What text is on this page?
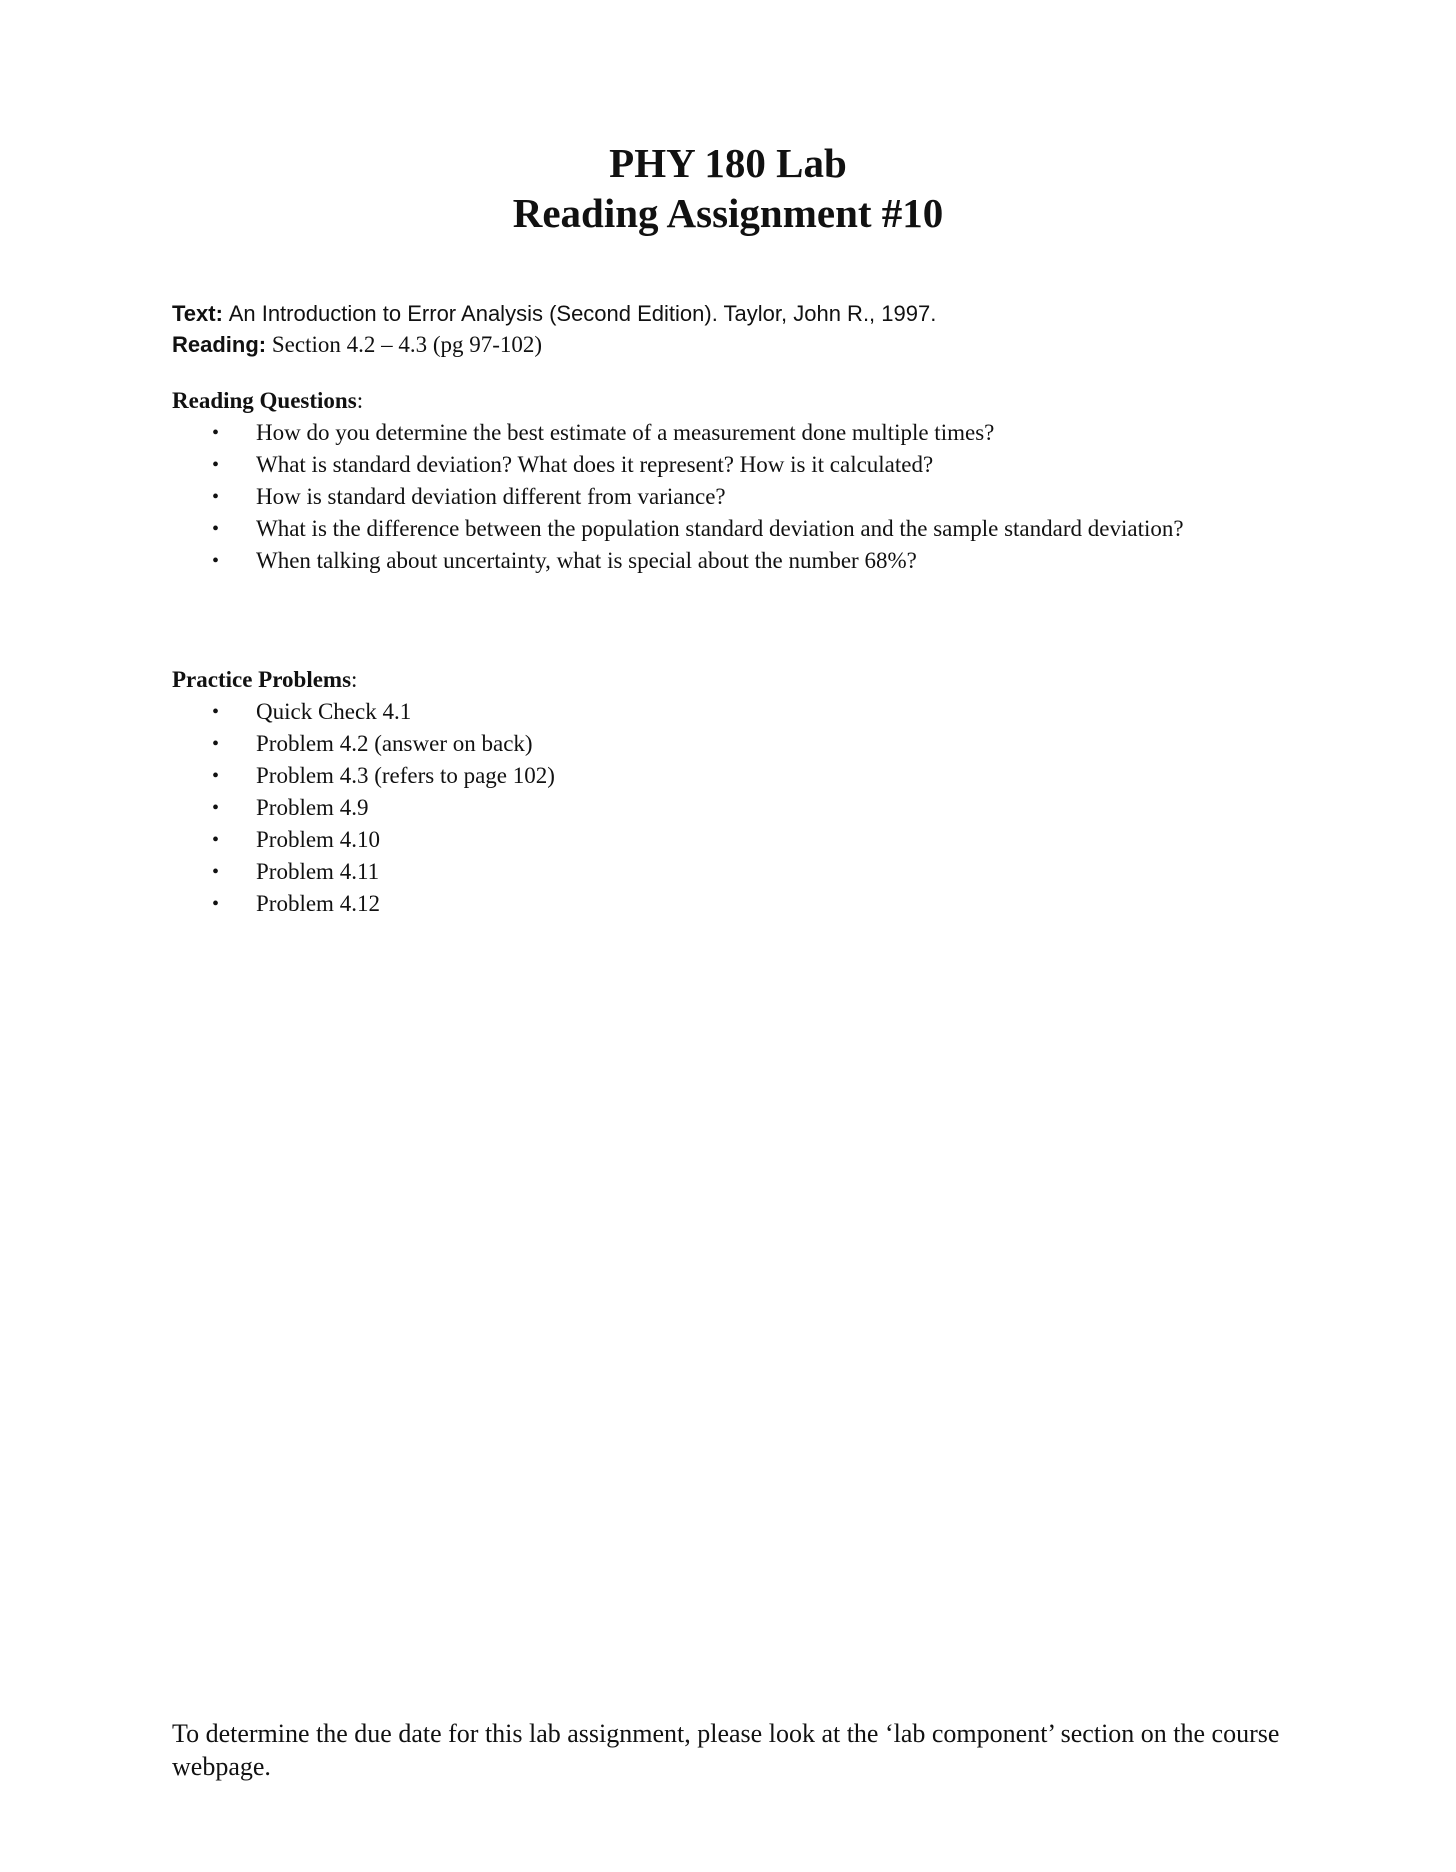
PHY 180 Lab
Reading Assignment #10
Text: An Introduction to Error Analysis (Second Edition). Taylor, John R., 1997.
Reading: Section 4.2 – 4.3 (pg 97-102)
Reading Questions:
• How do you determine the best estimate of a measurement done multiple times?
• What is standard deviation? What does it represent? How is it calculated?
• How is standard deviation different from variance?
• What is the difference between the population standard deviation and the sample standard deviation?
• When talking about uncertainty, what is special about the number 68%?
Practice Problems:
• Quick Check 4.1
• Problem 4.2 (answer on back)
• Problem 4.3 (refers to page 102)
• Problem 4.9
• Problem 4.10
• Problem 4.11
• Problem 4.12
To determine the due date for this lab assignment, please look at the ‘lab component’ section on the course webpage.
